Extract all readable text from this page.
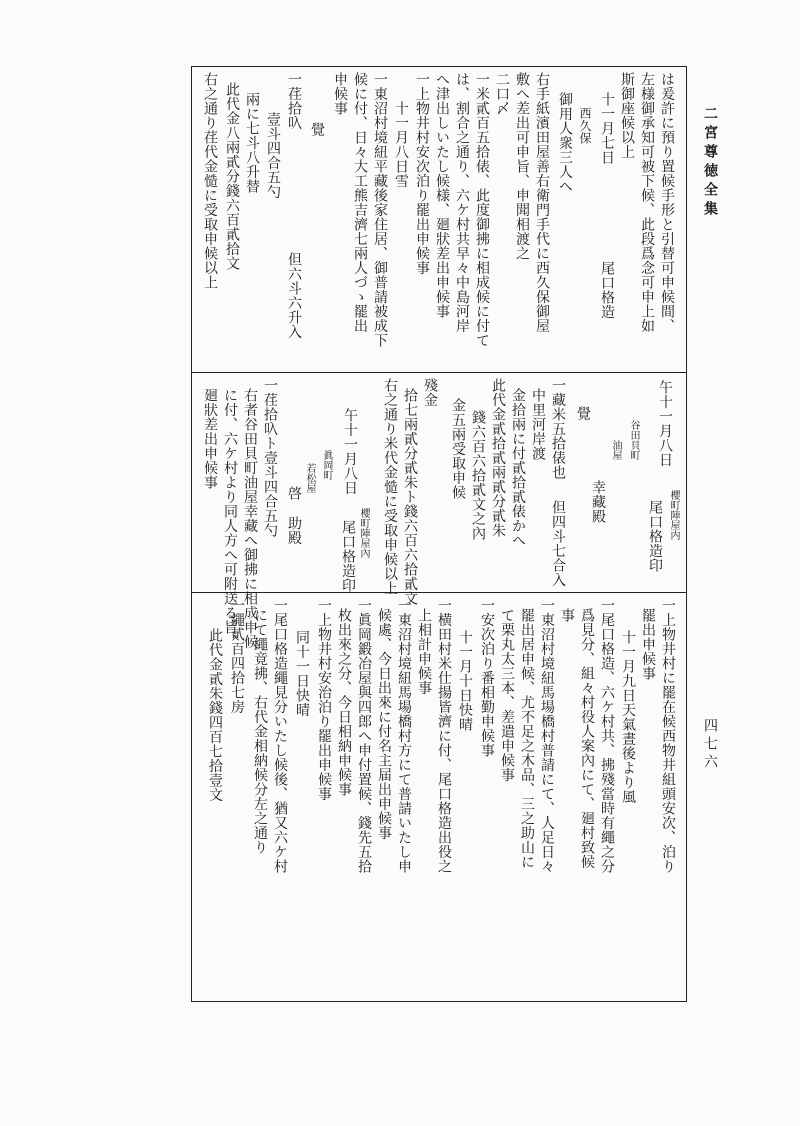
二宮尊徳全集
四七六
は爰許に預り置候手形と引替可申候間、
左様御承知可被下候、此段爲念可申上如
斯御座候以上
十一月七日
尾口格造
西久保
御用人衆三人へ
右手紙濱田屋善右衛門手代に西久保御屋
敷へ差出可申旨、申聞相渡之
二口〆
一米貳百五拾俵、此度御拂に相成候に付て
は、割合之通り、六ケ村共早々中島河岸
へ津出しいたし候様、廻狀差出申候事
一上物井村安次泊り罷出申候事
十一月八日雪
一東沼村境紐平藏後家住居、御普請被成下
候に付、日々大工熊吉濟七兩人づゝ罷出
申候事
覺
一荏拾叺
但六斗六升入
壹斗四合五勺
兩に七斗八升替
此代金八兩貳分錢六百貳拾文
右之通り荏代金慥に受取申候以上
午十一月八日
櫻町陣屋内
尾口格造印
谷田貝町
油屋
幸藏殿
覺
一藏米五拾俵也
但四斗七合入
中里河岸渡
金拾兩に付貳拾貳俵かへ
此代金貳拾貳兩貳分貳朱
錢六百六拾貳文之內
金五兩受取申候
殘金
拾七兩貳分貳朱ト錢六百六拾貳文
右之通り米代金慥に受取申候以上
午十一月八日
櫻町陣屋內
尾口格造印
眞岡町
若松屋
啓
助殿
一荏拾叺ト壹斗四合五勺
右者谷田貝町油屋幸藏へ御拂に相成申候
に付、六ケ村より同人方へ可附送る旨、
廻狀差出申候事
一上物井村に罷在候西物井組頭安次、泊り
罷出申候事
十一月九日天氣晝後より風
一尾口格造、六ケ村共、拂殘當時有繩之分
爲見分、組々村役人案內にて、廻村致候
事
一東沼村境紐馬場橋村普請にて、人足日々
罷出居申候、尤不足之木品、三之助山に
て栗丸太三本、差遣申候事
一安次泊り番相勤申候事
十一月十日快晴
一横田村米仕揚皆濟に付、尾口格造出役之
上相計申候事
一東沼村境紐馬場橋村方にて普請いたし申
候處、今日出來に付名主届出申候事
一眞岡鍛冶屋與四郎へ申付置候、錢先五拾
枚出來之分、今日相納申候事
一上物井村安治泊り罷出申候事
同十一日快晴
一尾口格造繩見分いたし候後、猶又六ケ村
にて繩竟拂、右代金相納候分左之通り
一繩貳百四拾七房
此代金貳朱錢四百七拾壹文
